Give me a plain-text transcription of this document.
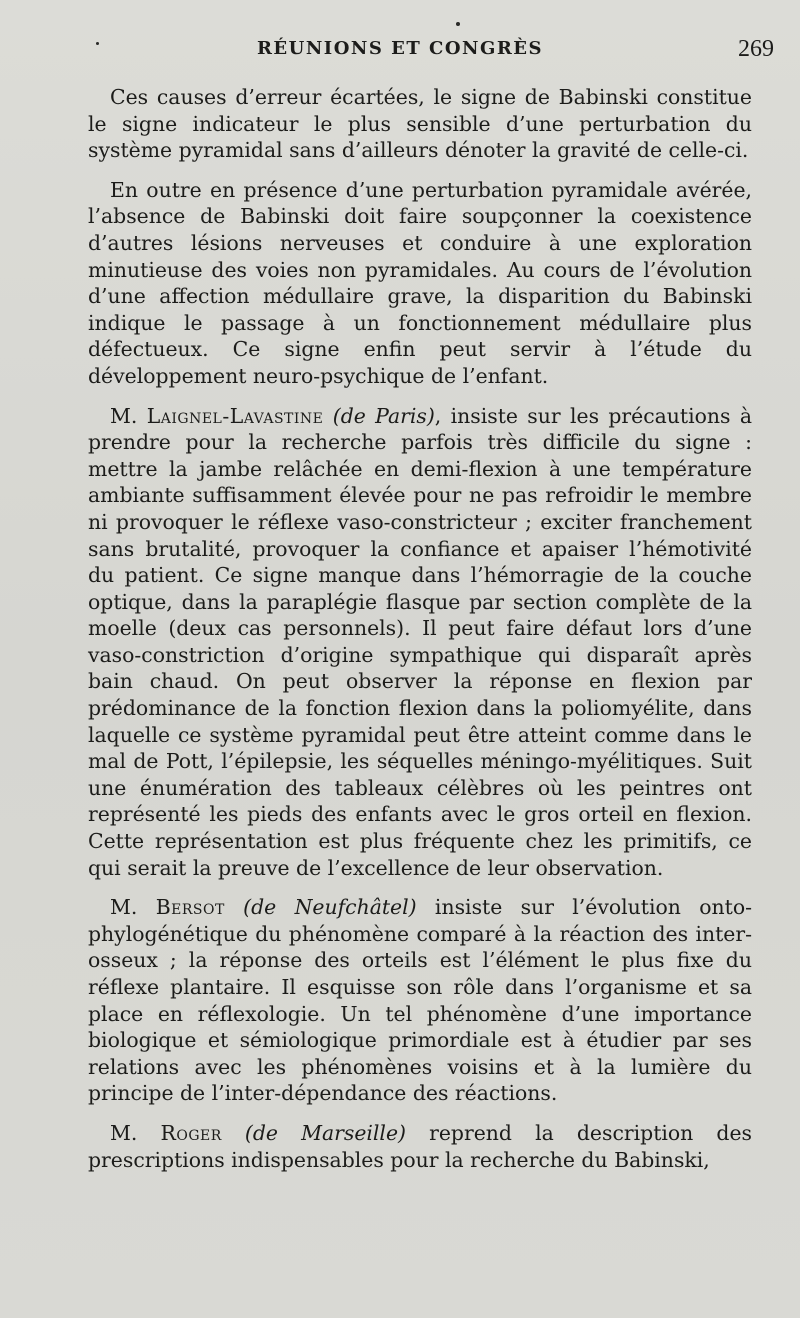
RÉUNIONS ET CONGRÈS	269

Ces causes d’erreur écartées, le signe de Babinski constitue le signe indicateur le plus sensible d’une perturbation du système pyramidal sans d’ailleurs dénoter la gravité de celle-ci.

En outre en présence d’une perturbation pyramidale avérée, l’absence de Babinski doit faire soupçonner la coexistence d’autres lésions nerveuses et conduire à une exploration minutieuse des voies non pyramidales. Au cours de l’évolution d’une affection médullaire grave, la disparition du Babinski indique le passage à un fonctionnement médullaire plus défectueux. Ce signe enfin peut servir à l’étude du développement neuro-psychique de l’enfant.

M. Laignel-Lavastine (de Paris), insiste sur les précautions à prendre pour la recherche parfois très difficile du signe : mettre la jambe relâchée en demi-flexion à une température ambiante suffisamment élevée pour ne pas refroidir le membre ni provoquer le réflexe vaso-constricteur ; exciter franchement sans brutalité, provoquer la confiance et apaiser l’hémotivité du patient. Ce signe manque dans l’hémorragie de la couche optique, dans la paraplégie flasque par section complète de la moelle (deux cas personnels). Il peut faire défaut lors d’une vaso-constriction d’origine sympathique qui disparaît après bain chaud. On peut observer la réponse en flexion par prédominance de la fonction flexion dans la poliomyélite, dans laquelle ce système pyramidal peut être atteint comme dans le mal de Pott, l’épilepsie, les séquelles méningo-myélitiques. Suit une énumération des tableaux célèbres où les peintres ont représenté les pieds des enfants avec le gros orteil en flexion. Cette représentation est plus fréquente chez les primitifs, ce qui serait la preuve de l’excellence de leur observation.

M. Bersot (de Neufchâtel) insiste sur l’évolution onto-phylogénétique du phénomène comparé à la réaction des inter-osseux ; la réponse des orteils est l’élément le plus fixe du réflexe plantaire. Il esquisse son rôle dans l’organisme et sa place en réflexologie. Un tel phénomène d’une importance biologique et sémiologique primordiale est à étudier par ses relations avec les phénomènes voisins et à la lumière du principe de l’inter-dépendance des réactions.

M. Roger (de Marseille) reprend la description des prescriptions indispensables pour la recherche du Babinski,
